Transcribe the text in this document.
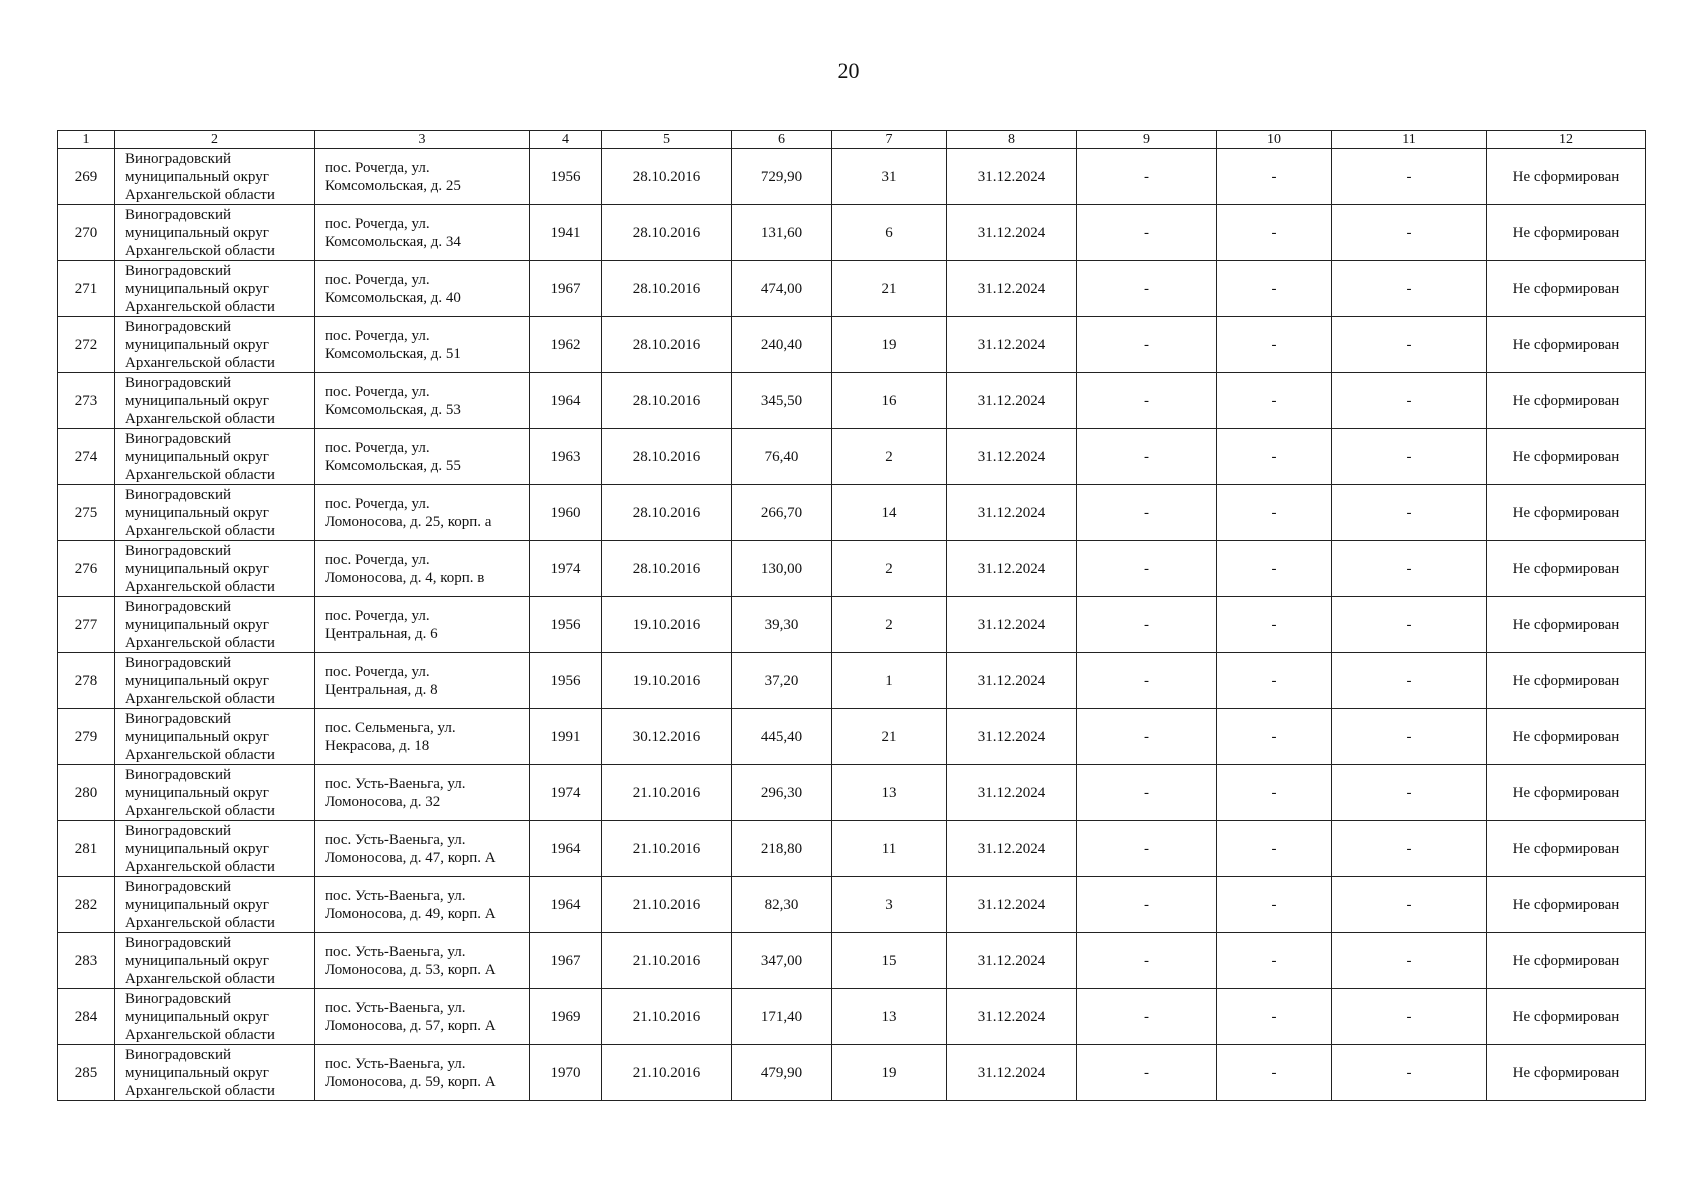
20
1	2	3	4	5	6	7	8	9	10	11	12
269	Виноградовский
муниципальный округ
Архангельской области	пос. Рочегда, ул.
Комсомольская, д. 25	1956	28.10.2016	729,90	31	31.12.2024	-	-	-	Не сформирован
270	Виноградовский
муниципальный округ
Архангельской области	пос. Рочегда, ул.
Комсомольская, д. 34	1941	28.10.2016	131,60	6	31.12.2024	-	-	-	Не сформирован
271	Виноградовский
муниципальный округ
Архангельской области	пос. Рочегда, ул.
Комсомольская, д. 40	1967	28.10.2016	474,00	21	31.12.2024	-	-	-	Не сформирован
272	Виноградовский
муниципальный округ
Архангельской области	пос. Рочегда, ул.
Комсомольская, д. 51	1962	28.10.2016	240,40	19	31.12.2024	-	-	-	Не сформирован
273	Виноградовский
муниципальный округ
Архангельской области	пос. Рочегда, ул.
Комсомольская, д. 53	1964	28.10.2016	345,50	16	31.12.2024	-	-	-	Не сформирован
274	Виноградовский
муниципальный округ
Архангельской области	пос. Рочегда, ул.
Комсомольская, д. 55	1963	28.10.2016	76,40	2	31.12.2024	-	-	-	Не сформирован
275	Виноградовский
муниципальный округ
Архангельской области	пос. Рочегда, ул.
Ломоносова, д. 25, корп. а	1960	28.10.2016	266,70	14	31.12.2024	-	-	-	Не сформирован
276	Виноградовский
муниципальный округ
Архангельской области	пос. Рочегда, ул.
Ломоносова, д. 4, корп. в	1974	28.10.2016	130,00	2	31.12.2024	-	-	-	Не сформирован
277	Виноградовский
муниципальный округ
Архангельской области	пос. Рочегда, ул.
Центральная, д. 6	1956	19.10.2016	39,30	2	31.12.2024	-	-	-	Не сформирован
278	Виноградовский
муниципальный округ
Архангельской области	пос. Рочегда, ул.
Центральная, д. 8	1956	19.10.2016	37,20	1	31.12.2024	-	-	-	Не сформирован
279	Виноградовский
муниципальный округ
Архангельской области	пос. Сельменьга, ул.
Некрасова, д. 18	1991	30.12.2016	445,40	21	31.12.2024	-	-	-	Не сформирован
280	Виноградовский
муниципальный округ
Архангельской области	пос. Усть-Ваеньга, ул.
Ломоносова, д. 32	1974	21.10.2016	296,30	13	31.12.2024	-	-	-	Не сформирован
281	Виноградовский
муниципальный округ
Архангельской области	пос. Усть-Ваеньга, ул.
Ломоносова, д. 47, корп. А	1964	21.10.2016	218,80	11	31.12.2024	-	-	-	Не сформирован
282	Виноградовский
муниципальный округ
Архангельской области	пос. Усть-Ваеньга, ул.
Ломоносова, д. 49, корп. А	1964	21.10.2016	82,30	3	31.12.2024	-	-	-	Не сформирован
283	Виноградовский
муниципальный округ
Архангельской области	пос. Усть-Ваеньга, ул.
Ломоносова, д. 53, корп. А	1967	21.10.2016	347,00	15	31.12.2024	-	-	-	Не сформирован
284	Виноградовский
муниципальный округ
Архангельской области	пос. Усть-Ваеньга, ул.
Ломоносова, д. 57, корп. А	1969	21.10.2016	171,40	13	31.12.2024	-	-	-	Не сформирован
285	Виноградовский
муниципальный округ
Архангельской области	пос. Усть-Ваеньга, ул.
Ломоносова, д. 59, корп. А	1970	21.10.2016	479,90	19	31.12.2024	-	-	-	Не сформирован
